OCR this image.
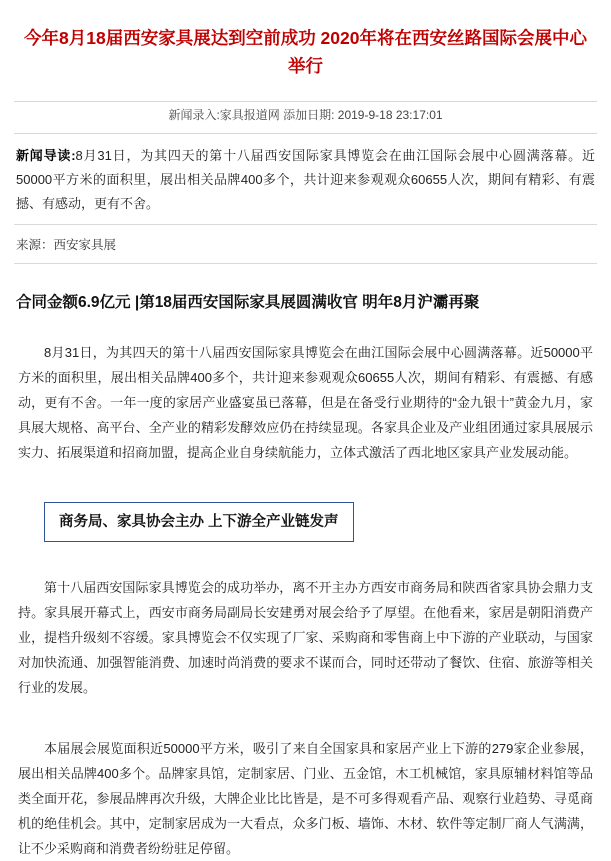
今年8月18届西安家具展达到空前成功 2020年将在西安丝路国际会展中心举行
新闻录入:家具报道网 添加日期: 2019-9-18 23:17:01
新闻导读:8月31日，为其四天的第十八届西安国际家具博览会在曲江国际会展中心圆满落幕。近50000平方米的面积里，展出相关品牌400多个，共计迎来参观观众60655人次，期间有精彩、有震撼、有感动，更有不舍。
来源：西安家具展
合同金额6.9亿元 |第18届西安国际家具展圆满收官 明年8月沪灞再聚

8月31日，为其四天的第十八届西安国际家具博览会在曲江国际会展中心圆满落幕。近50000平方米的面积里，展出相关品牌400多个，共计迎来参观观众60655人次，期间有精彩、有震撼、有感动，更有不舍。一年一度的家居产业盛宴虽已落幕，但是在备受行业期待的“金九银十”黄金九月，家具展大规格、高平台、全产业的精彩发酵效应仍在持续显现。各家具企业及产业组团通过家具展展示实力、拓展渠道和招商加盟，提高企业自身续航能力，立体式激活了西北地区家具产业发展动能。

商务局、家具协会主办 上下游全产业链发声

第十八届西安国际家具博览会的成功举办，离不开主办方西安市商务局和陕西省家具协会鼎力支持。家具展开幕式上，西安市商务局副局长安建勇对展会给予了厚望。在他看来，家居是朝阳消费产业，提档升级刻不容缓。家具博览会不仅实现了厂家、采购商和零售商上中下游的产业联动，与国家对加快流通、加强智能消费、加速时尚消费的要求不谋而合，同时还带动了餐饮、住宿、旅游等相关行业的发展。

本届展会展览面积近50000平方米，吸引了来自全国家具和家居产业上下游的279家企业参展，展出相关品牌400多个。品牌家具馆，定制家居、门业、五金馆，木工机械馆，家具原辅材料馆等品类全面开花，参展品牌再次升级，大牌企业比比皆是，是不可多得观看产品、观察行业趋势、寻觅商机的绝佳机会。其中，定制家居成为一大看点，众多门板、墙饰、木材、软件等定制厂商人气满满，让不少采购商和消费者纷纷驻足停留。
